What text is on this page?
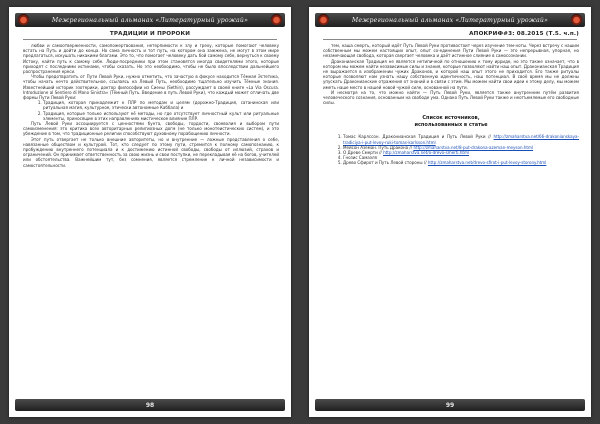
Межрегиональный альманах «Литературный урожай»
ТРАДИЦИИ И ПРОРОКИ

любви и самоотверженности, самопожертвования, нетерпимости к злу и греху, которые помогают человеку встать на Путь и дойти до конца. Но сама личность и тот путь, на котором она зажжена, не могут в этом мире предлагаться, искушать никакими благами. Это то, что помогает человеку дать бой самому себе, вернуться к своему Истоку, найти путь к самому себе. Люди-посредники при этом становятся иногда свидетелями этого, которые приходят с последними истинами, чтобы сказать. Но это необходимо, чтобы не было впоследствии дальнейшего распространения ереси.

Чтобы предотвратить от Пути Левой Руки, нужно отметить, что зачастую в фокусе находится Тёмная Эстетика, чтобы начать нечто действительное, ссылаясь на Левый Путь, необходимо тщательно изучить Тёмные знания. Известнейший историк эзотерики, доктор философии из Сиены (Sethin), рассуждает в своей книге «La Via Oscura. Introduzione al Sentiero di Mano Sinistra» (Тёмный Путь. Введение в путь Левой Руки), что каждый может отличать две формы Пути Левой Руки:

1. Традиция, которая принадлежит к ПЛР по методам и целям (дорожно-Традиция, сатанинская или ритуальная магия, культурное, этически автономные Каббала) и
2. Традиция, которые только используют её методы, но где отсутствует личностный культ или ритуальные элементы, приносящие в этих направлениях мистическое влияние ПЛР.

Путь Левой Руки ассоциируется с ценностями бунта, свободы, гордости, своеволия и выбором пути самоизменения: это критика всех авторитарных религиозных догм (не только монотеистических систем), и это убеждение в том, что традиционные религии способствуют духовному порабощению личности.

Этот путь отвергает не только внешние авторитеты, но и внутренние — ложные представления о себе, навязанные обществом и культурой. Тот, кто следует по этому пути, стремится к полному самопознанию, к пробуждению внутреннего потенциала и к достижению истинной свободы, свободы от иллюзий, страхов и ограничений. Он принимает ответственность за свою жизнь и свои поступки, не перекладывая её на богов, учителей или обстоятельства. Важнейшим тут, без сомнения, является стремление к личной независимости и самостоятельности.

98
Межрегиональный альманах «Литературный урожай»
АПОКРИФ#3: 08.2015 (Т.5. ч.п.)

тем, наша смерть, который идёт Путь Левой Руки противостоит через изучение тем-ноты. Через встречу с нашим собственным мы можем настоящих опыт, опыт со-единения Пути Левой Руки — это непрерывная, упорная, но незамечающая свобода, которая свергает человека и даёт истинное слияние в самосознании.

Драконианская Традиция не является нетипичной по отношению к тому ирриде, но это также означает, что в котором мы можем найти независимые силы и знания, которые позволяют найти наш опыт. Драконианская Традиция не выражается в изображении чужих Драконов, и которой наш опыт этого не приходится. Его также ритуалы которые позволяют нам узнать нашу собственную идентичность, наш потенциал. В своё время мы не должны упускать Драконианские отражения от знаний и в связи с этим. Мы можем найти свои идеи к этому делу, мы можем иметь наше место в нашей новой чужой силе, основанной на пути.

И несмотря на то, что можно найти — Путь Левой Руки, является также внутренним путём развития человеческого сознания, основанным на свободе ума. Однако Путь Левой Руки также и неотъемлемые его свободные силы.

Список источников,
использованных в статье
1. Томас Карлссон. Драконианская Традиция и Путь Левой Руки // http://zmaharstva.net/66-drakonianskaya-tradiciya-i-put-levoy-ruki-tomas-karlsson.html
2. Мейсон Аземан. Путь Дракона // http://zmaharstva.net/8-put-drakona-azeman-meyson.html
3. О Древе Смерти // http://zmaharstva.net/o-drevo-smerti.html
4. Гнозис Самаэля
5. Древо Сфирот и Путь Левой стороны // http://zmaharstva.net/drevo-sfirot-i-put-levoy-storony.html
99
